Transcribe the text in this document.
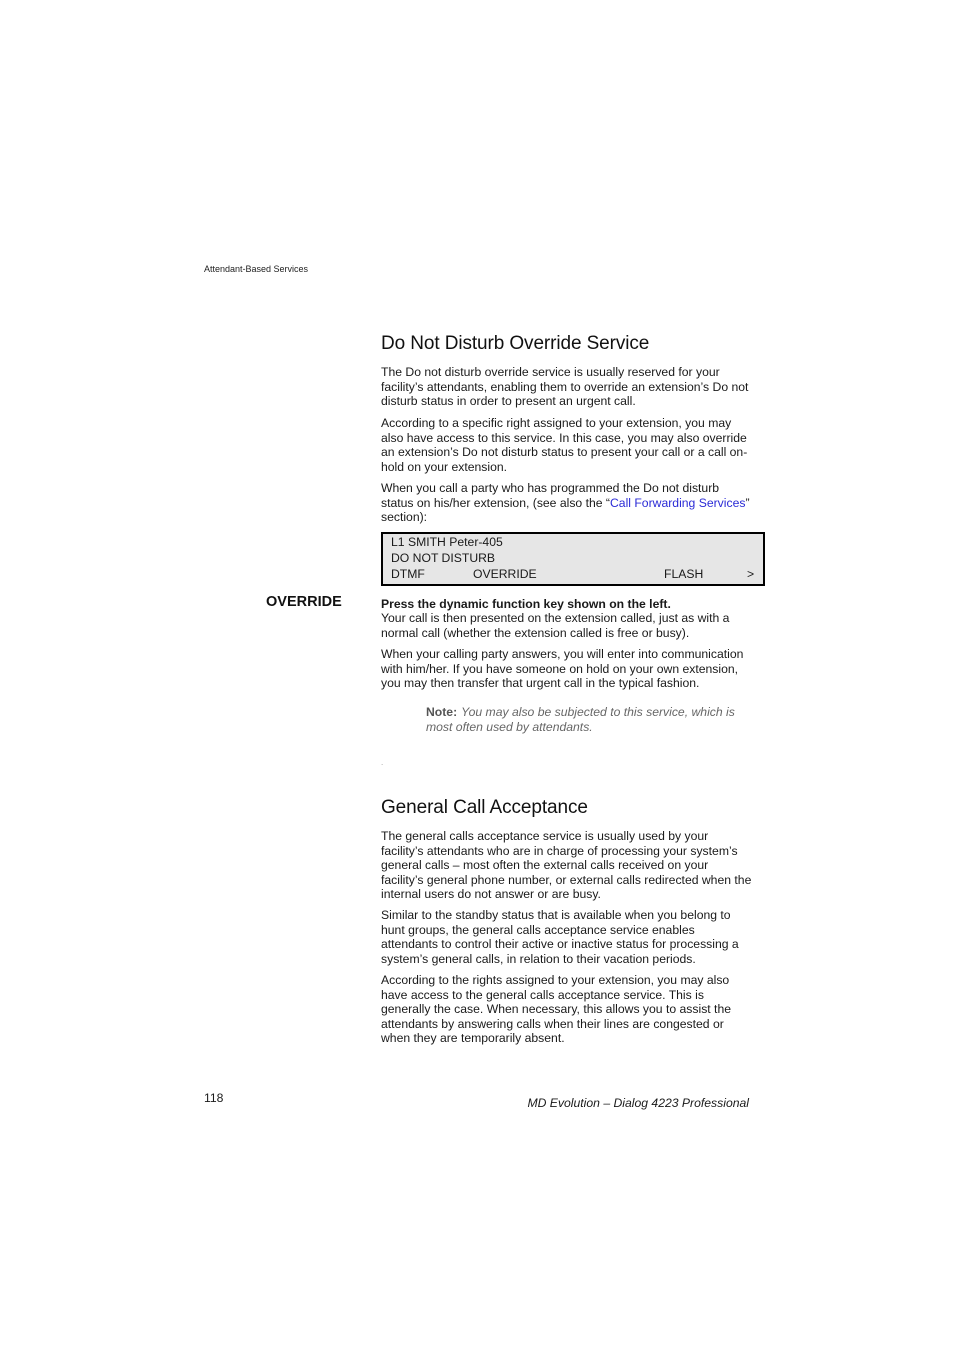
Attendant-Based Services
Do Not Disturb Override Service

The Do not disturb override service is usually reserved for your facility’s attendants, enabling them to override an extension’s Do not disturb status in order to present an urgent call.

According to a specific right assigned to your extension, you may also have access to this service. In this case, you may also override an extension’s Do not disturb status to present your call or a call on-hold on your extension.

When you call a party who has programmed the Do not disturb status on his/her extension, (see also the “Call Forwarding Services” section):

L1 SMITH Peter-405
DO NOT DISTURB
DTMF	OVERRIDE	FLASH	>
OVERRIDE	Press the dynamic function key shown on the left.

Your call is then presented on the extension called, just as with a normal call (whether the extension called is free or busy).

When your calling party answers, you will enter into communication with him/her. If you have someone on hold on your own extension, you may then transfer that urgent call in the typical fashion.

Note: You may also be subjected to this service, which is most often used by attendants.
.
General Call Acceptance

The general calls acceptance service is usually used by your facility’s attendants who are in charge of processing your system’s general calls – most often the external calls received on your facility’s general phone number, or external calls redirected when the internal users do not answer or are busy.

Similar to the standby status that is available when you belong to hunt groups, the general calls acceptance service enables attendants to control their active or inactive status for processing a system’s general calls, in relation to their vacation periods.

According to the rights assigned to your extension, you may also have access to the general calls acceptance service. This is generally the case. When necessary, this allows you to assist the attendants by answering calls when their lines are congested or when they are temporarily absent.

118	MD Evolution – Dialog 4223 Professional
